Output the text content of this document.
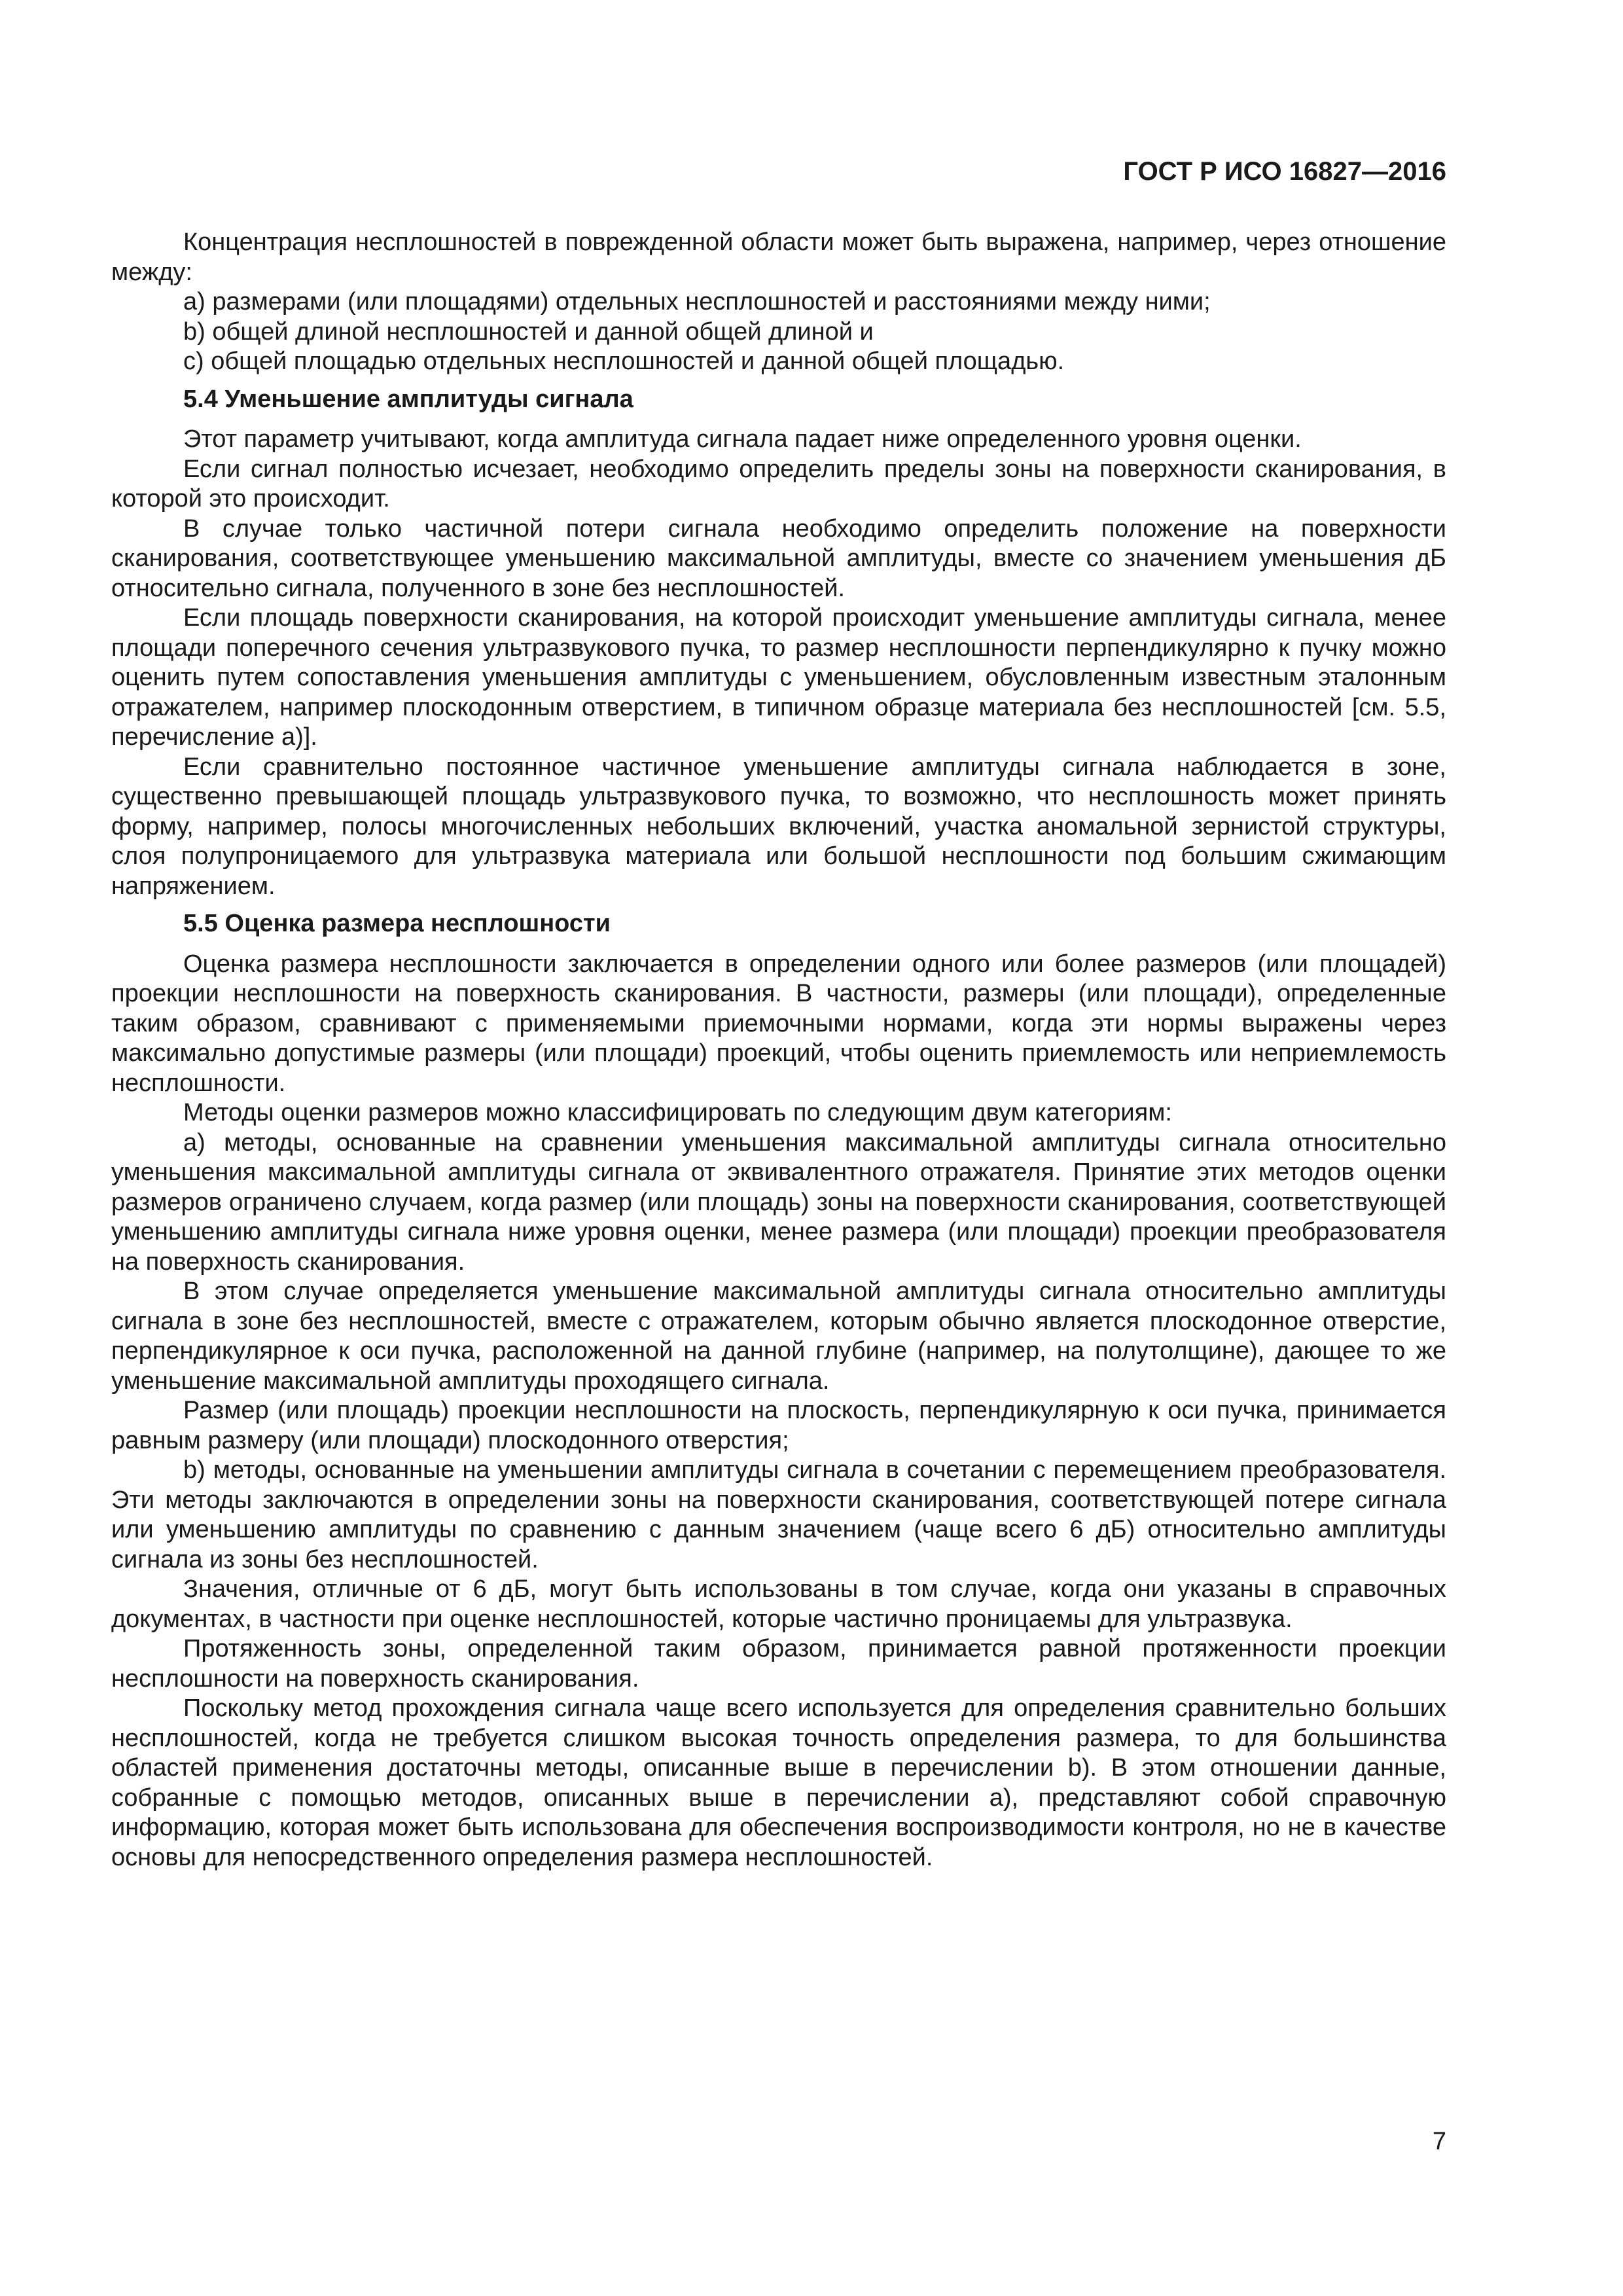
ГОСТ Р ИСО 16827—2016

Концентрация несплошностей в поврежденной области может быть выражена, например, через отношение между:

а) размерами (или площадями) отдельных несплошностей и расстояниями между ними;

b) общей длиной несплошностей и данной общей длиной и

с) общей площадью отдельных несплошностей и данной общей площадью.

5.4 Уменьшение амплитуды сигнала

Этот параметр учитывают, когда амплитуда сигнала падает ниже определенного уровня оценки.

Если сигнал полностью исчезает, необходимо определить пределы зоны на поверхности сканирования, в которой это происходит.

В случае только частичной потери сигнала необходимо определить положение на поверхности сканирования, соответствующее уменьшению максимальной амплитуды, вместе со значением уменьшения дБ относительно сигнала, полученного в зоне без несплошностей.

Если площадь поверхности сканирования, на которой происходит уменьшение амплитуды сигнала, менее площади поперечного сечения ультразвукового пучка, то размер несплошности перпендикулярно к пучку можно оценить путем сопоставления уменьшения амплитуды с уменьшением, обусловленным известным эталонным отражателем, например плоскодонным отверстием, в типичном образце материала без несплошностей [см. 5.5, перечисление а)].

Если сравнительно постоянное частичное уменьшение амплитуды сигнала наблюдается в зоне, существенно превышающей площадь ультразвукового пучка, то возможно, что несплошность может принять форму, например, полосы многочисленных небольших включений, участка аномальной зернистой структуры, слоя полупроницаемого для ультразвука материала или большой несплошности под большим сжимающим напряжением.

5.5 Оценка размера несплошности

Оценка размера несплошности заключается в определении одного или более размеров (или площадей) проекции несплошности на поверхность сканирования. В частности, размеры (или площади), определенные таким образом, сравнивают с применяемыми приемочными нормами, когда эти нормы выражены через максимально допустимые размеры (или площади) проекций, чтобы оценить приемлемость или неприемлемость несплошности.

Методы оценки размеров можно классифицировать по следующим двум категориям:

а) методы, основанные на сравнении уменьшения максимальной амплитуды сигнала относительно уменьшения максимальной амплитуды сигнала от эквивалентного отражателя. Принятие этих методов оценки размеров ограничено случаем, когда размер (или площадь) зоны на поверхности сканирования, соответствующей уменьшению амплитуды сигнала ниже уровня оценки, менее размера (или площади) проекции преобразователя на поверхность сканирования.

В этом случае определяется уменьшение максимальной амплитуды сигнала относительно амплитуды сигнала в зоне без несплошностей, вместе с отражателем, которым обычно является плоскодонное отверстие, перпендикулярное к оси пучка, расположенной на данной глубине (например, на полутолщине), дающее то же уменьшение максимальной амплитуды проходящего сигнала.

Размер (или площадь) проекции несплошности на плоскость, перпендикулярную к оси пучка, принимается равным размеру (или площади) плоскодонного отверстия;

b) методы, основанные на уменьшении амплитуды сигнала в сочетании с перемещением преобразователя. Эти методы заключаются в определении зоны на поверхности сканирования, соответствующей потере сигнала или уменьшению амплитуды по сравнению с данным значением (чаще всего 6 дБ) относительно амплитуды сигнала из зоны без несплошностей.

Значения, отличные от 6 дБ, могут быть использованы в том случае, когда они указаны в справочных документах, в частности при оценке несплошностей, которые частично проницаемы для ультразвука.

Протяженность зоны, определенной таким образом, принимается равной протяженности проекции несплошности на поверхность сканирования.

Поскольку метод прохождения сигнала чаще всего используется для определения сравнительно больших несплошностей, когда не требуется слишком высокая точность определения размера, то для большинства областей применения достаточны методы, описанные выше в перечислении b). В этом отношении данные, собранные с помощью методов, описанных выше в перечислении а), представляют собой справочную информацию, которая может быть использована для обеспечения воспроизводимости контроля, но не в качестве основы для непосредственного определения размера несплошностей.

7
